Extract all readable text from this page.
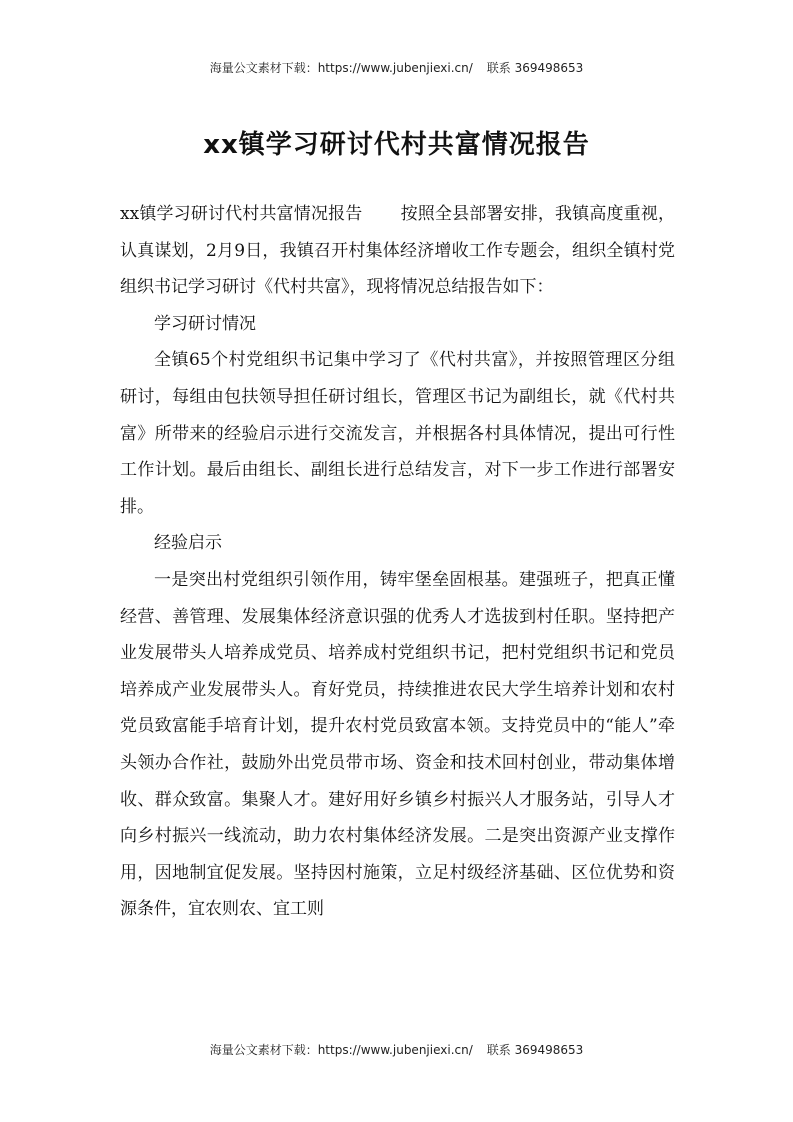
海量公文素材下载：https://www.jubenjiexi.cn/ 联系 369498653
xx镇学习研讨代村共富情况报告

xx镇学习研讨代村共富情况报告 按照全县部署安排，我镇高度重视，认真谋划，2月9日，我镇召开村集体经济增收工作专题会，组织全镇村党组织书记学习研讨《代村共富》，现将情况总结报告如下：

学习研讨情况

全镇65个村党组织书记集中学习了《代村共富》，并按照管理区分组研讨，每组由包扶领导担任研讨组长，管理区书记为副组长，就《代村共富》所带来的经验启示进行交流发言，并根据各村具体情况，提出可行性工作计划。最后由组长、副组长进行总结发言，对下一步工作进行部署安排。

经验启示

一是突出村党组织引领作用，铸牢堡垒固根基。建强班子，把真正懂经营、善管理、发展集体经济意识强的优秀人才选拔到村任职。坚持把产业发展带头人培养成党员、培养成村党组织书记，把村党组织书记和党员培养成产业发展带头人。育好党员，持续推进农民大学生培养计划和农村党员致富能手培育计划，提升农村党员致富本领。支持党员中的“能人”牵头领办合作社，鼓励外出党员带市场、资金和技术回村创业，带动集体增收、群众致富。集聚人才。建好用好乡镇乡村振兴人才服务站，引导人才向乡村振兴一线流动，助力农村集体经济发展。二是突出资源产业支撑作用，因地制宜促发展。坚持因村施策，立足村级经济基础、区位优势和资源条件，宜农则农、宜工则

海量公文素材下载：https://www.jubenjiexi.cn/ 联系 369498653
